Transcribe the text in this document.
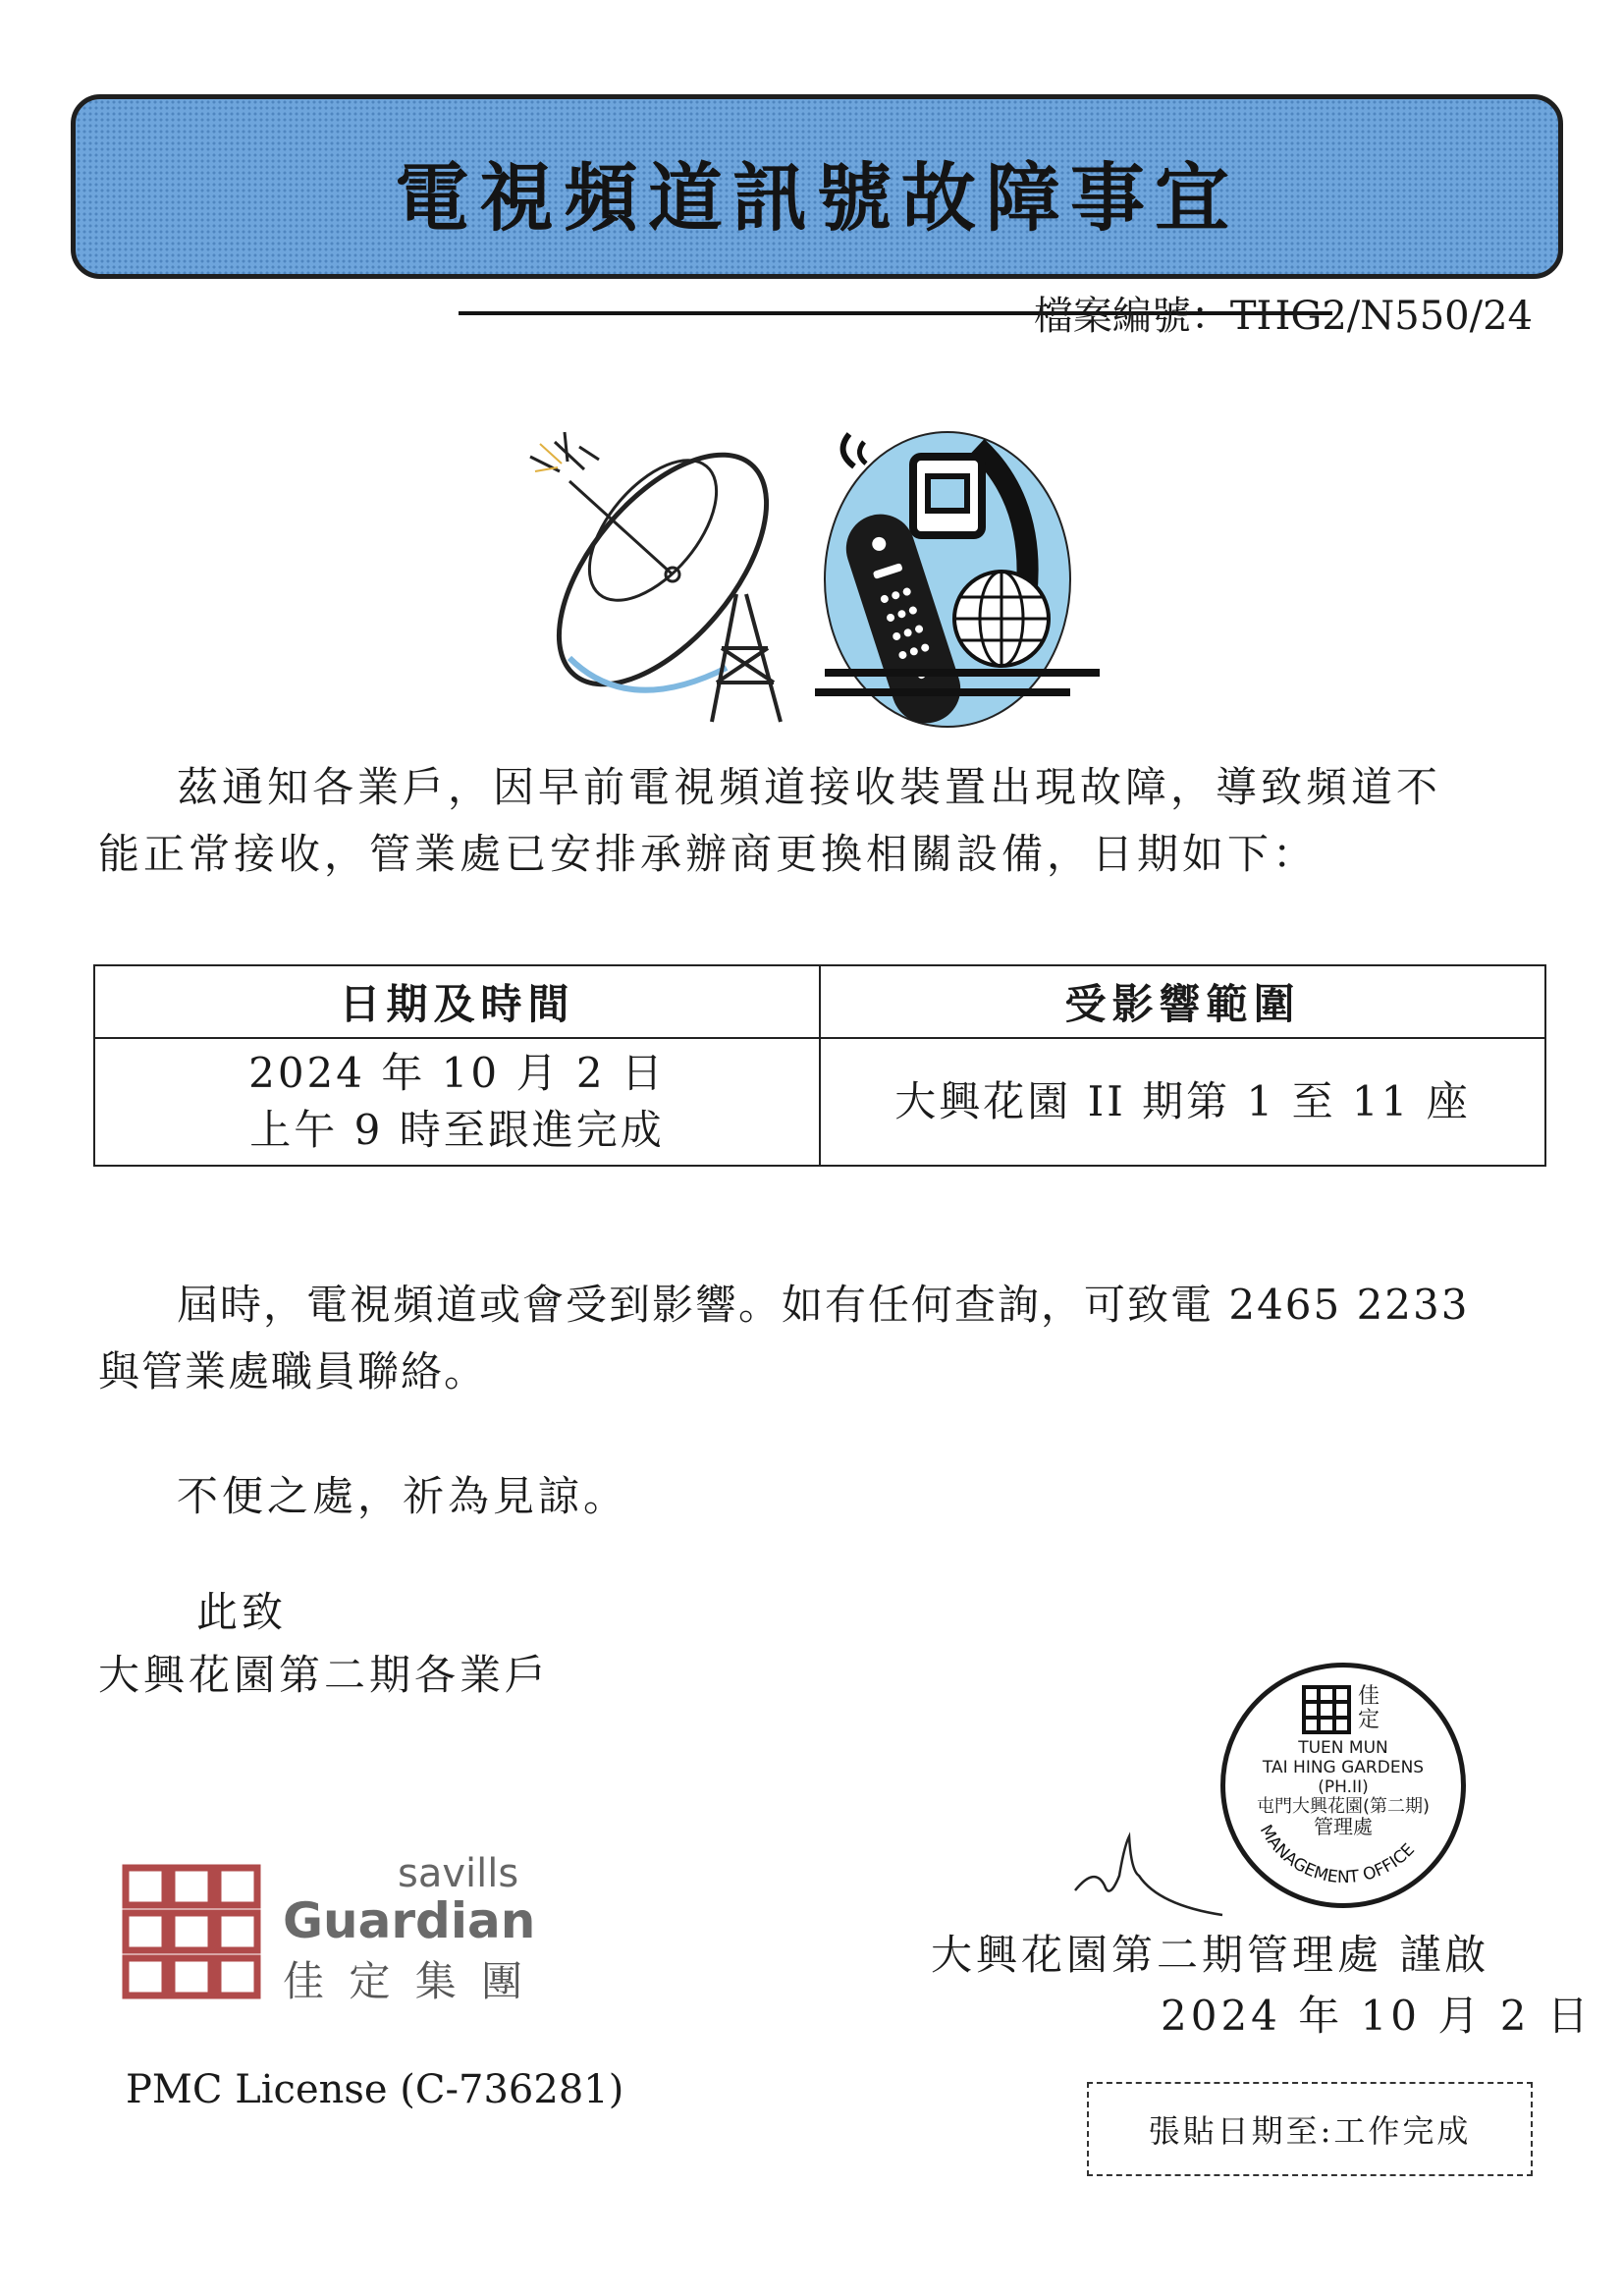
電視頻道訊號故障事宜
檔案編號：THG2/N550/24
茲通知各業戶，因早前電視頻道接收裝置出現故障，導致頻道不
能正常接收，管業處已安排承辦商更換相關設備，日期如下：
日期及時間	受影響範圍

2024 年 10 月 2 日
上午 9 時至跟進完成	大興花園 II 期第 1 至 11 座
屆時，電視頻道或會受到影響。如有任何查詢，可致電 2465 2233
與管業處職員聯絡。
不便之處，祈為見諒。
此致
大興花園第二期各業戶
savills
Guardian
佳 定 集 團
PMC License (C-736281)
佳定
TUEN MUN
TAI HING GARDENS
(PH.II)
屯門大興花園(第二期)
管理處
MANAGEMENT OFFICE
大興花園第二期管理處 謹啟
2024 年 10 月 2 日
張貼日期至:工作完成
